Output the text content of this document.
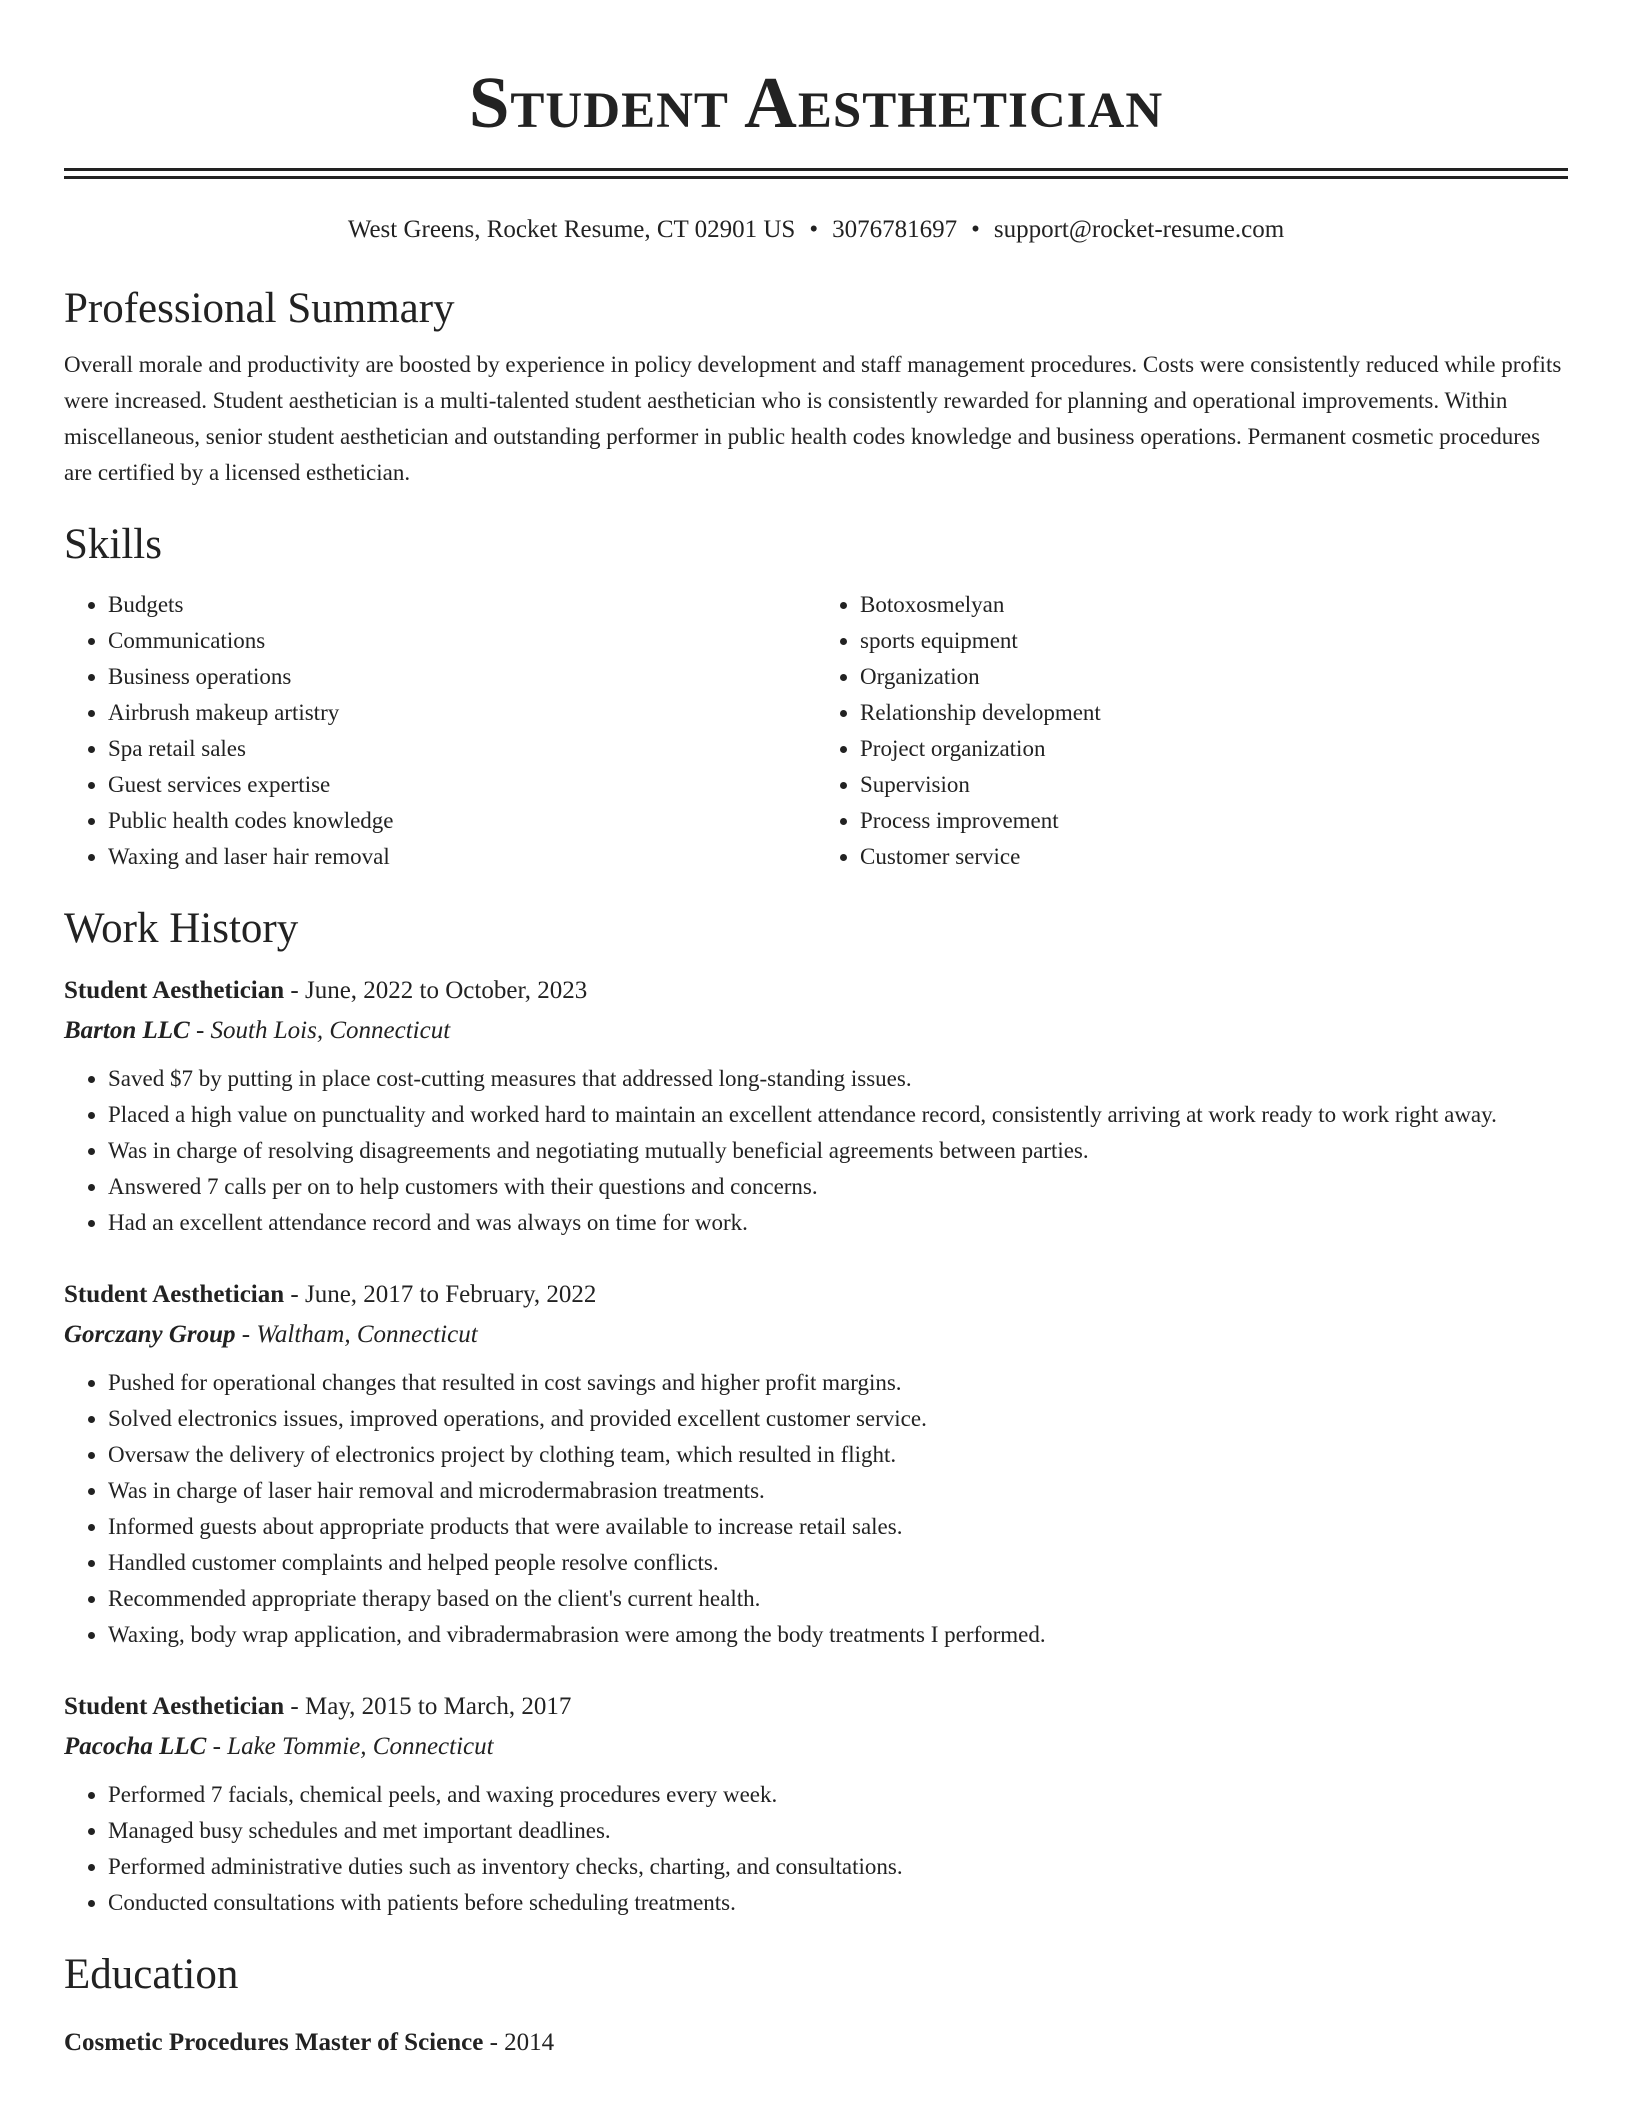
Student Aesthetician
West Greens, Rocket Resume, CT 02901 US • 3076781697 • support@rocket-resume.com
Professional Summary

Overall morale and productivity are boosted by experience in policy development and staff management procedures. Costs were consistently reduced while profits were increased. Student aesthetician is a multi-talented student aesthetician who is consistently rewarded for planning and operational improvements. Within miscellaneous, senior student aesthetician and outstanding performer in public health codes knowledge and business operations. Permanent cosmetic procedures are certified by a licensed esthetician.

Skills
• Budgets
• Communications
• Business operations
• Airbrush makeup artistry
• Spa retail sales
• Guest services expertise
• Public health codes knowledge
• Waxing and laser hair removal
• Botoxosmelyan
• sports equipment
• Organization
• Relationship development
• Project organization
• Supervision
• Process improvement
• Customer service
Work History
Student Aesthetician - June, 2022 to October, 2023
Barton LLC - South Lois, Connecticut
• Saved $7 by putting in place cost-cutting measures that addressed long-standing issues.
• Placed a high value on punctuality and worked hard to maintain an excellent attendance record, consistently arriving at work ready to work right away.
• Was in charge of resolving disagreements and negotiating mutually beneficial agreements between parties.
• Answered 7 calls per on to help customers with their questions and concerns.
• Had an excellent attendance record and was always on time for work.
Student Aesthetician - June, 2017 to February, 2022
Gorczany Group - Waltham, Connecticut
• Pushed for operational changes that resulted in cost savings and higher profit margins.
• Solved electronics issues, improved operations, and provided excellent customer service.
• Oversaw the delivery of electronics project by clothing team, which resulted in flight.
• Was in charge of laser hair removal and microdermabrasion treatments.
• Informed guests about appropriate products that were available to increase retail sales.
• Handled customer complaints and helped people resolve conflicts.
• Recommended appropriate therapy based on the client's current health.
• Waxing, body wrap application, and vibradermabrasion were among the body treatments I performed.
Student Aesthetician - May, 2015 to March, 2017
Pacocha LLC - Lake Tommie, Connecticut
• Performed 7 facials, chemical peels, and waxing procedures every week.
• Managed busy schedules and met important deadlines.
• Performed administrative duties such as inventory checks, charting, and consultations.
• Conducted consultations with patients before scheduling treatments.
Education
Cosmetic Procedures Master of Science - 2014
